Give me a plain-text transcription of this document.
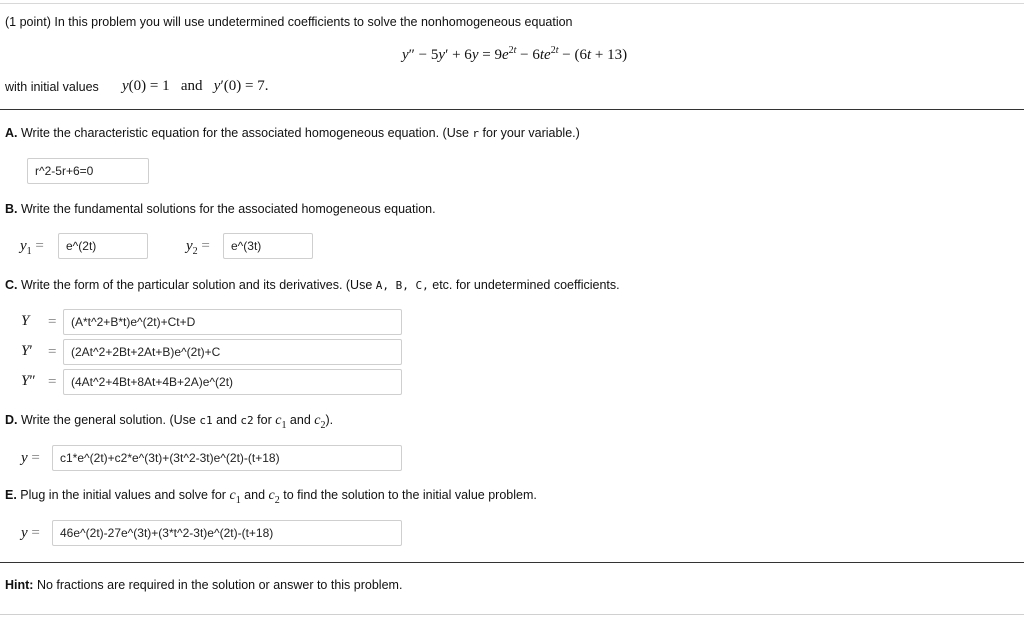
(1 point) In this problem you will use undetermined coefficients to solve the nonhomogeneous equation
$y'' - 5y' + 6y = 9e^{2t} - 6te^{2t} - (6t + 13)$
with initial values y(0) = 1 and y′(0) = 7.
A. Write the characteristic equation for the associated homogeneous equation. (Use r for your variable.)
r^2-5r+6=0
B. Write the fundamental solutions for the associated homogeneous equation.
$y_1$ =	e^(2t)	$y_2$ =	e^(3t)
C. Write the form of the particular solution and its derivatives. (Use A, B, C, etc. for undetermined coefficients.
Y =	(A*t^2+B*t)e^(2t)+Ct+D
Y′ =	(2At^2+2Bt+2At+B)e^(2t)+C
Y″ =	(4At^2+4Bt+8At+4B+2A)e^(2t)
D. Write the general solution. (Use c1 and c2 for $c_1$ and $c_2$).
y =	c1*e^(2t)+c2*e^(3t)+(3t^2-3t)e^(2t)-(t+18)
E. Plug in the initial values and solve for $c_1$ and $c_2$ to find the solution to the initial value problem.
y =	46e^(2t)-27e^(3t)+(3*t^2-3t)e^(2t)-(t+18)
Hint: No fractions are required in the solution or answer to this problem.
